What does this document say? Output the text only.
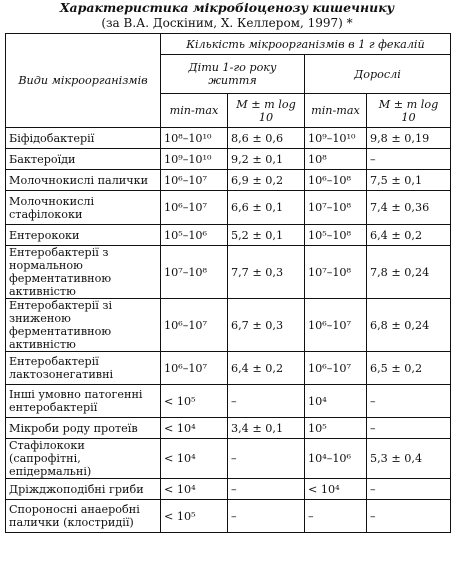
Характеристика мікробіоценозу кишечнику
(за В.А. Доскіним, Х. Келлером, 1997) *
Види мікроорганізмів	Кількість мікроорганізмів в 1 г фекалій			
	Діти 1-го року життя		Дорослі	
	min-max	M ± m log 10	min-max	M ± m log 10
Біфідобактерії	10⁸–10¹⁰	8,6 ± 0,6	10⁹–10¹⁰	9,8 ± 0,19
Бактероїди	10⁹–10¹⁰	9,2 ± 0,1	10⁸	–
Молочнокислі палички	10⁶–10⁷	6,9 ± 0,2	10⁶–10⁸	7,5 ± 0,1
Молочнокислі стафілококи	10⁶–10⁷	6,6 ± 0,1	10⁷–10⁸	7,4 ± 0,36
Ентерококи	10⁵–10⁶	5,2 ± 0,1	10⁵–10⁸	6,4 ± 0,2
Ентеробактерії з нормальною ферментативною активністю	10⁷–10⁸	7,7 ± 0,3	10⁷–10⁸	7,8 ± 0,24
Ентеробактерії зі зниженою ферментативною активністю	10⁶–10⁷	6,7 ± 0,3	10⁶–10⁷	6,8 ± 0,24
Ентеробактерії лактозонегативні	10⁶–10⁷	6,4 ± 0,2	10⁶–10⁷	6,5 ± 0,2
Інші умовно патогенні ентеробактерії	< 10⁵	–	10⁴	–
Мікроби роду протеїв	< 10⁴	3,4 ± 0,1	10⁵	–
Стафілококи (сапрофітні, епідермальні)	< 10⁴	–	10⁴–10⁶	5,3 ± 0,4
Дріжджоподібні гриби	< 10⁴	–	< 10⁴	–
Спороносні анаеробні палички (клостридії)	< 10⁵	–	–	–
